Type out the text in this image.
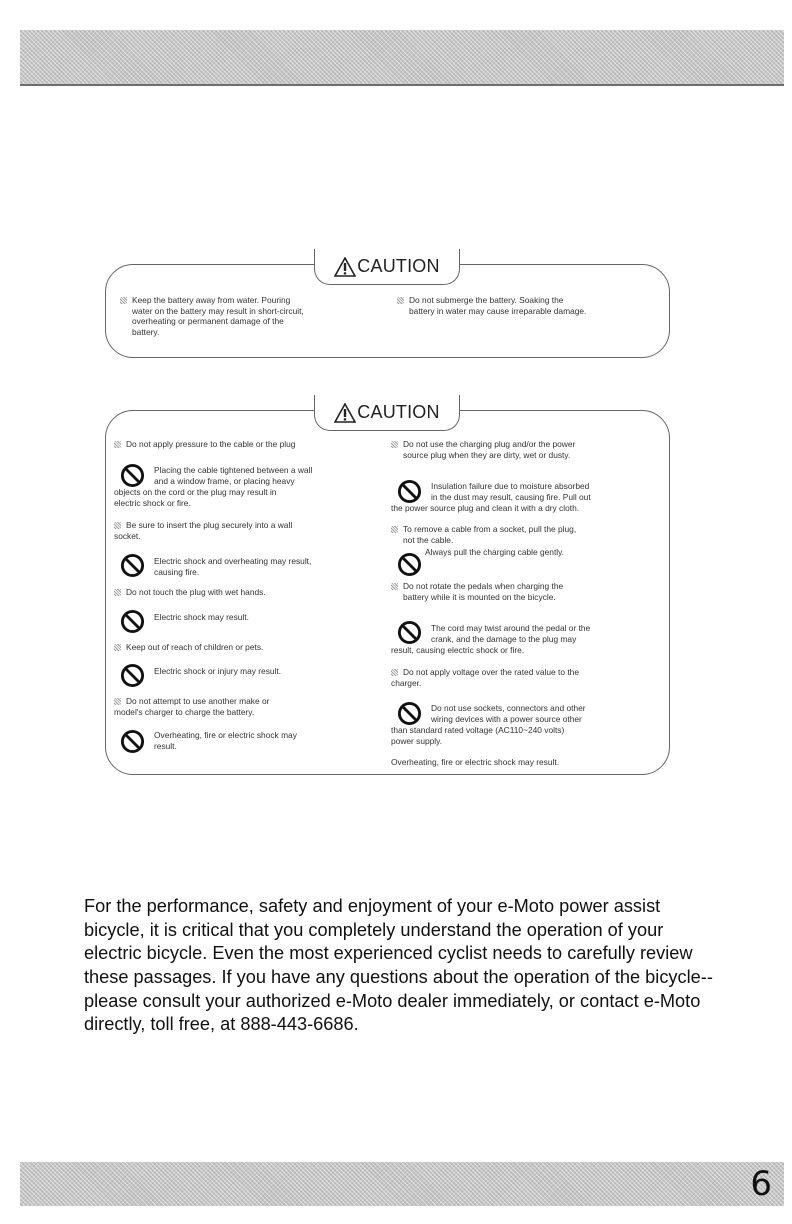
CAUTION
Keep the battery away from water. Pouring
water on the battery may result in short-circuit,
overheating or permanent damage of the
battery.
Do not submerge the battery. Soaking the
battery in water may cause irreparable damage.
CAUTION
Do not apply pressure to the cable or the plug
Placing the cable tightened between a wall
and a window frame, or placing heavy
objects on the cord or the plug may result in
electric shock or fire.
Be sure to insert the plug securely into a wall
socket.
Electric shock and overheating may result,
causing fire.
Do not touch the plug with wet hands.
Electric shock may result.
Keep out of reach of children or pets.
Electric shock or injury may result.
Do not attempt to use another make or
model's charger to charge the battery.
Overheating, fire or electric shock may
result.
Do not use the charging plug and/or the power
source plug when they are dirty, wet or dusty.
Insulation failure due to moisture absorbed
in the dust may result, causing fire. Pull out
the power source plug and clean it with a dry cloth.
To remove a cable from a socket, pull the plug,
not the cable.
Always pull the charging cable gently.
Do not rotate the pedals when charging the
battery while it is mounted on the bicycle.
The cord may twist around the pedal or the
crank, and the damage to the plug may
result, causing electric shock or fire.
Do not apply voltage over the rated value to the
charger.
Do not use sockets, connectors and other
wiring devices with a power source other
than standard rated voltage (AC110~240 volts)
power supply.
Overheating, fire or electric shock may result.

For the performance, safety and enjoyment of your e-Moto power assist bicycle, it is critical that you completely understand the operation of your electric bicycle. Even the most experienced cyclist needs to carefully review these passages. If you have any questions about the operation of the bicycle-- please consult your authorized e-Moto dealer immediately, or contact e-Moto directly, toll free, at 888-443-6686.

6
